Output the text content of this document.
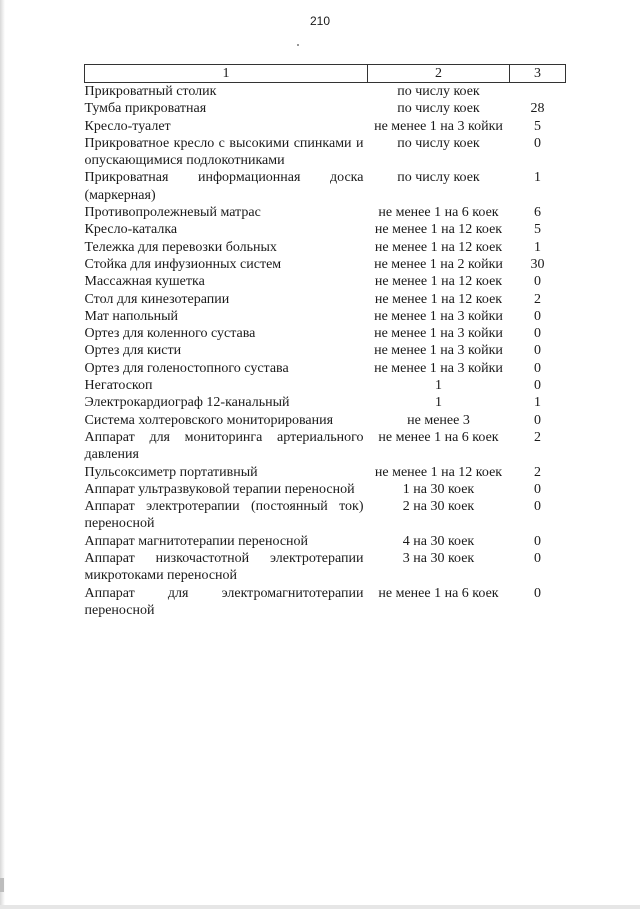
210
1	2	3
Прикроватный столик	по числу коек	
Тумба прикроватная	по числу коек	28
Кресло-туалет	не менее 1 на 3 койки	5
Прикроватное кресло с высокими спинками и опускающимися подлокотниками	по числу коек	0
Прикроватная информационная доска (маркерная)	по числу коек	1
Противопролежневый матрас	не менее 1 на 6 коек	6
Кресло-каталка	не менее 1 на 12 коек	5
Тележка для перевозки больных	не менее 1 на 12 коек	1
Стойка для инфузионных систем	не менее 1 на 2 койки	30
Массажная кушетка	не менее 1 на 12 коек	0
Стол для кинезотерапии	не менее 1 на 12 коек	2
Мат напольный	не менее 1 на 3 койки	0
Ортез для коленного сустава	не менее 1 на 3 койки	0
Ортез для кисти	не менее 1 на 3 койки	0
Ортез для голеностопного сустава	не менее 1 на 3 койки	0
Негатоскоп	1	0
Электрокардиограф 12-канальный	1	1
Система холтеровского мониторирования	не менее 3	0
Аппарат для мониторинга артериального давления	не менее 1 на 6 коек	2
Пульсоксиметр портативный	не менее 1 на 12 коек	2
Аппарат ультразвуковой терапии переносной	1 на 30 коек	0
Аппарат электротерапии (постоянный ток) переносной	2 на 30 коек	0
Аппарат магнитотерапии переносной	4 на 30 коек	0
Аппарат низкочастотной электротерапии микротоками переносной	3 на 30 коек	0
Аппарат для электромагнитотерапии переносной	не менее 1 на 6 коек	0
